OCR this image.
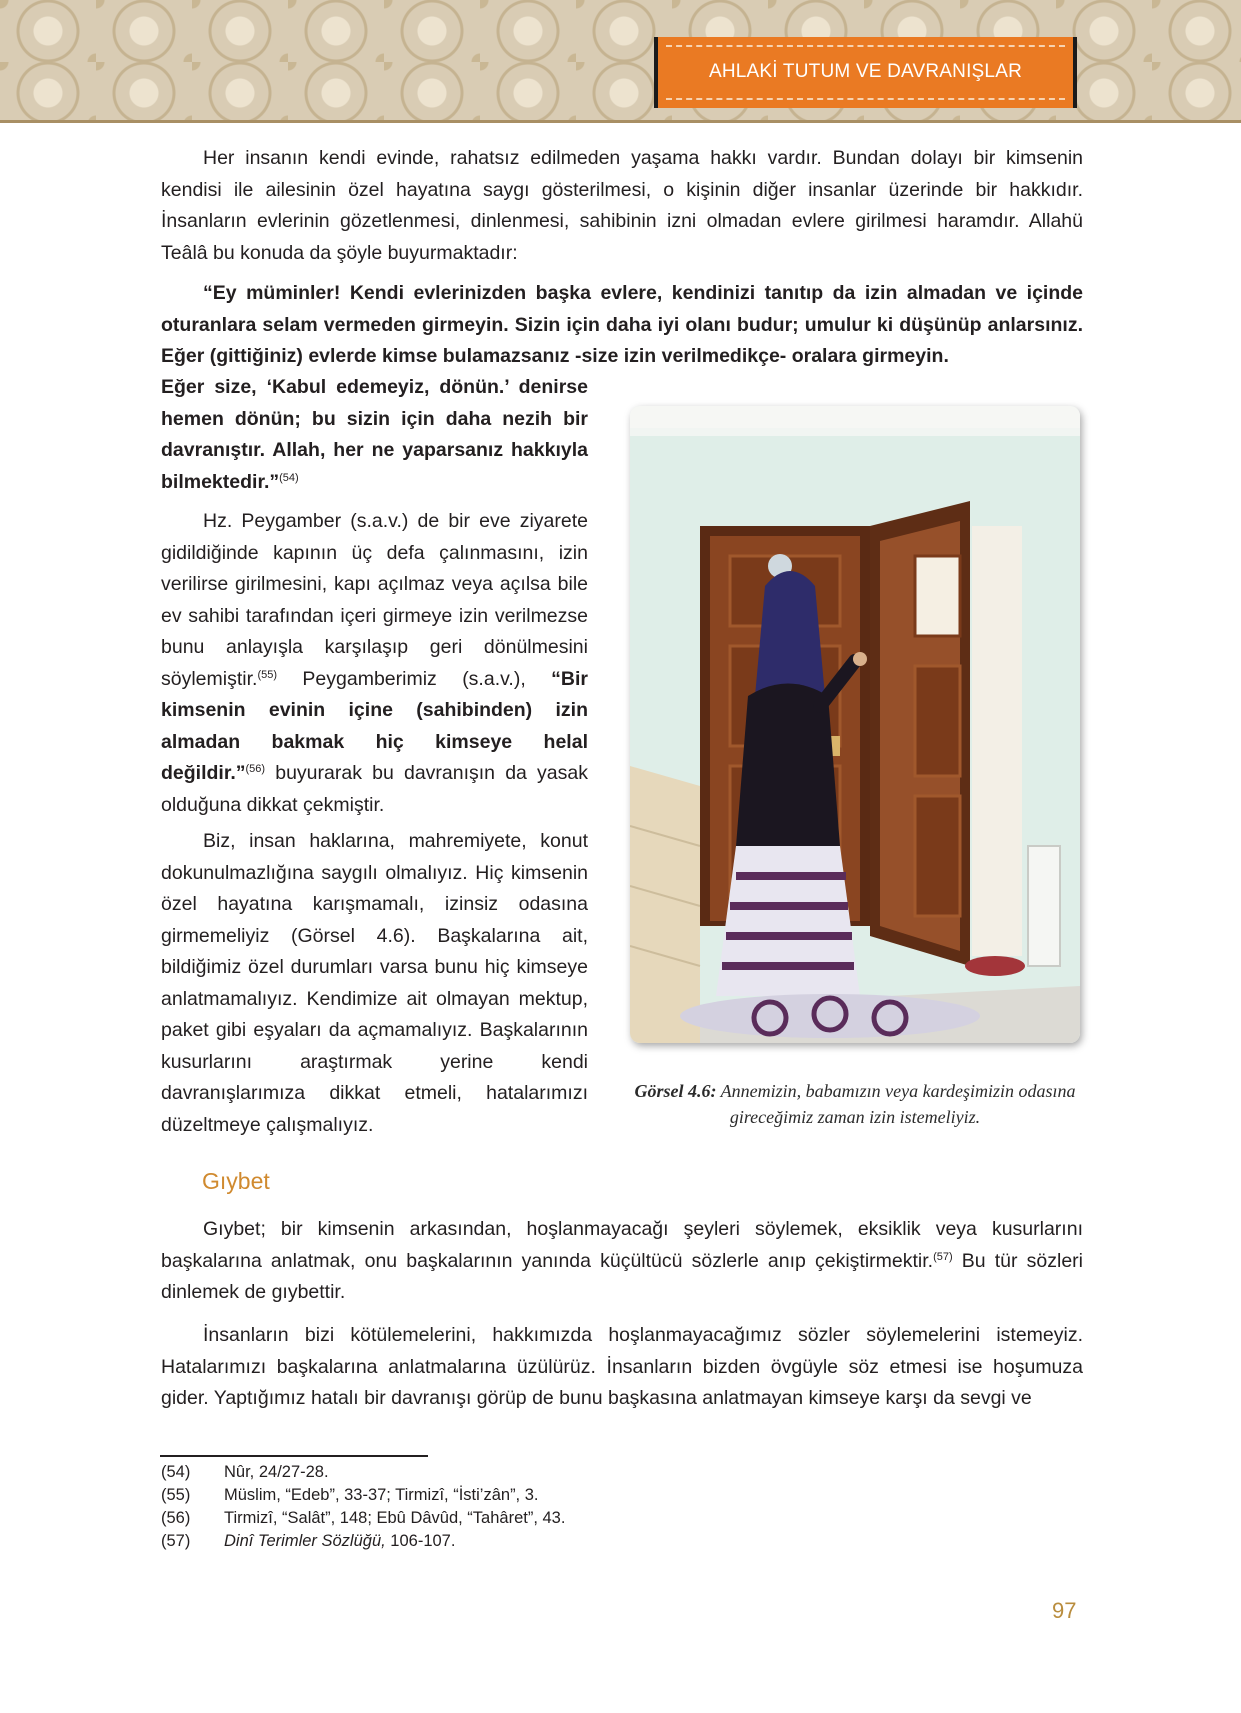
AHLAKİ TUTUM VE DAVRANIŞLAR
Her insanın kendi evinde, rahatsız edilmeden yaşama hakkı vardır. Bundan dolayı bir kimsenin kendisi ile ailesinin özel hayatına saygı gösterilmesi, o kişinin diğer insanlar üzerinde bir hakkıdır. İnsanların evlerinin gözetlenmesi, dinlenmesi, sahibinin izni olmadan evlere girilmesi haramdır. Allahü Teâlâ bu konuda da şöyle buyurmaktadır:
“Ey müminler! Kendi evlerinizden başka evlere, kendinizi tanıtıp da izin almadan ve içinde oturanlara selam vermeden girmeyin. Sizin için daha iyi olanı budur; umulur ki düşünüp anlarsınız. Eğer (gittiğiniz) evlerde kimse bulamazsanız -size izin verilmedikçe- oralara girmeyin.
Eğer size, ‘Kabul edemeyiz, dönün.’ denirse hemen dönün; bu sizin için daha nezih bir davranıştır. Allah, her ne yaparsanız hakkıyla bilmektedir.”$^{(54)}$
Hz. Peygamber (s.a.v.) de bir eve ziyarete gidildiğinde kapının üç defa çalınmasını, izin verilirse girilmesini, kapı açılmaz veya açılsa bile ev sahibi tarafından içeri girmeye izin verilmezse bunu anlayışla karşılaşıp geri dönülmesini söylemiştir.$^{(55)}$ Peygamberimiz (s.a.v.), “Bir kimsenin evinin içine (sahibinden) izin almadan bakmak hiç kimseye helal değildir.”$^{(56)}$ buyurarak bu davranışın da yasak olduğuna dikkat çekmiştir.
Biz, insan haklarına, mahremiyete, konut dokunulmazlığına saygılı olmalıyız. Hiç kimsenin özel hayatına karışmamalı, izinsiz odasına girmemeliyiz (Görsel 4.6). Başkalarına ait, bildiğimiz özel durumları varsa bunu hiç kimseye anlatmamalıyız. Kendimize ait olmayan mektup, paket gibi eşyaları da açmamalıyız. Başkalarının kusurlarını araştırmak yerine kendi davranışlarımıza dikkat etmeli, hatalarımızı düzeltmeye çalışmalıyız.
Görsel 4.6: Annemizin, babamızın veya kardeşimizin odasına gireceğimiz zaman izin istemeliyiz.
Gıybet
Gıybet; bir kimsenin arkasından, hoşlanmayacağı şeyleri söylemek, eksiklik veya kusurlarını başkalarına anlatmak, onu başkalarının yanında küçültücü sözlerle anıp çekiştirmektir.$^{(57)}$ Bu tür sözleri dinlemek de gıybettir.
İnsanların bizi kötülemelerini, hakkımızda hoşlanmayacağımız sözler söylemelerini istemeyiz. Hatalarımızı başkalarına anlatmalarına üzülürüz. İnsanların bizden övgüyle söz etmesi ise hoşumuza gider. Yaptığımız hatalı bir davranışı görüp de bunu başkasına anlatmayan kimseye karşı da sevgi ve
(54)	Nûr, 24/27-28.
(55)	Müslim, “Edeb”, 33-37; Tirmizî, “İsti’zân”, 3.
(56)	Tirmizî, “Salât”, 148; Ebû Dâvûd, “Tahâret”, 43.
(57)	Dinî Terimler Sözlüğü, 106-107.
97
